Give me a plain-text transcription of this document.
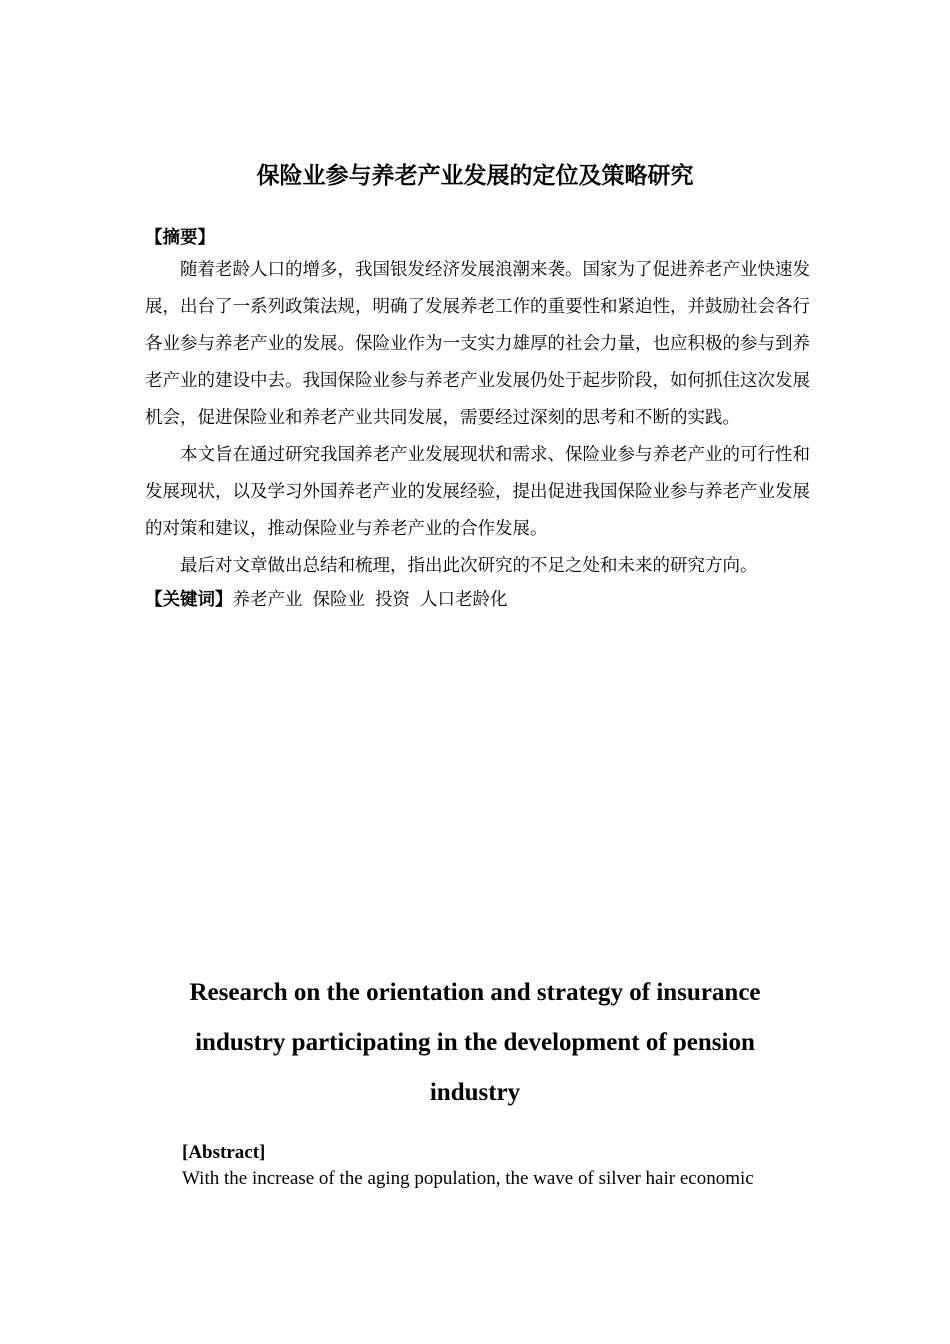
保险业参与养老产业发展的定位及策略研究

【摘要】

随着老龄人口的增多，我国银发经济发展浪潮来袭。国家为了促进养老产业快速发展，出台了一系列政策法规，明确了发展养老工作的重要性和紧迫性，并鼓励社会各行各业参与养老产业的发展。保险业作为一支实力雄厚的社会力量，也应积极的参与到养老产业的建设中去。我国保险业参与养老产业发展仍处于起步阶段，如何抓住这次发展机会，促进保险业和养老产业共同发展，需要经过深刻的思考和不断的实践。

本文旨在通过研究我国养老产业发展现状和需求、保险业参与养老产业的可行性和发展现状，以及学习外国养老产业的发展经验，提出促进我国保险业参与养老产业发展的对策和建议，推动保险业与养老产业的合作发展。

最后对文章做出总结和梳理，指出此次研究的不足之处和未来的研究方向。

【关键词】养老产业 保险业 投资 人口老龄化

Research on the orientation and strategy of insurance industry participating in the development of pension industry

[Abstract]

With the increase of the aging population, the wave of silver hair economic
